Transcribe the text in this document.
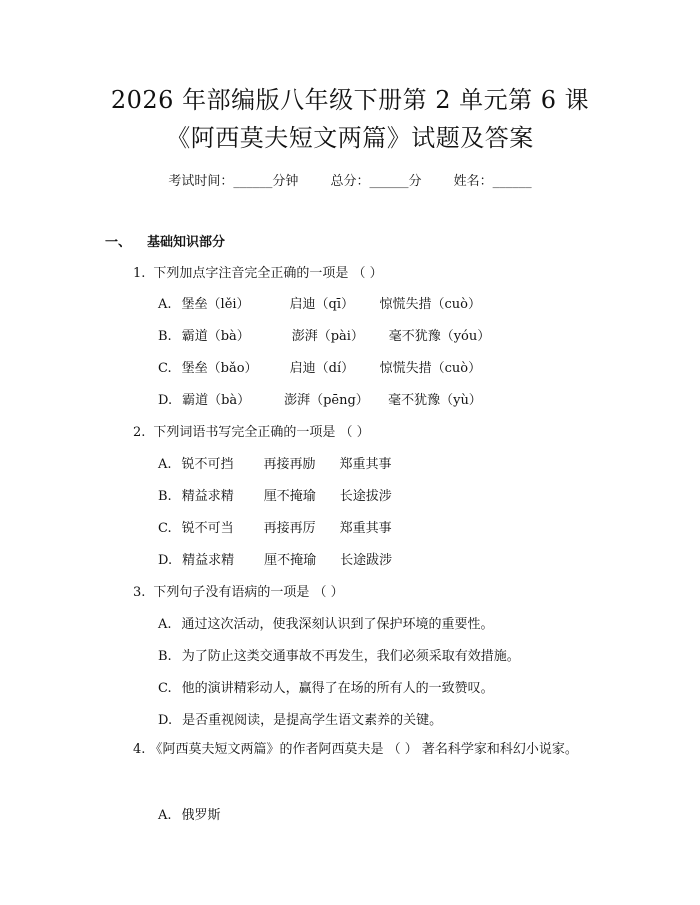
2026 年部编版八年级下册第 2 单元第 6 课
《阿西莫夫短文两篇》试题及答案
考试时间：______分钟 总分：______分 姓名：______
一、 基础知识部分
1. 下列加点字注音完全正确的一项是 （ ）
A. 堡垒（lěi）	启迪（qī） 惊慌失措（cuò）
B. 霸道（bà）	澎湃（pài） 毫不犹豫（yóu）
C. 堡垒（bǎo） 启迪（dí） 惊慌失措（cuò）
D. 霸道（bà）	澎湃（pēng） 毫不犹豫（yù）
2. 下列词语书写完全正确的一项是 （ ）
A. 锐不可挡 再接再励 郑重其事
B. 精益求精 厘不掩瑜 长途拔涉
C. 锐不可当 再接再厉 郑重其事
D. 精益求精 厘不掩瑜 长途跋涉
3. 下列句子没有语病的一项是 （ ）
A. 通过这次活动，使我深刻认识到了保护环境的重要性。
B. 为了防止这类交通事故不再发生，我们必须采取有效措施。
C. 他的演讲精彩动人，赢得了在场的所有人的一致赞叹。
D. 是否重视阅读，是提高学生语文素养的关键。
4. 《阿西莫夫短文两篇》的作者阿西莫夫是 （ ） 著名科学家和科幻小说家。
A. 俄罗斯
